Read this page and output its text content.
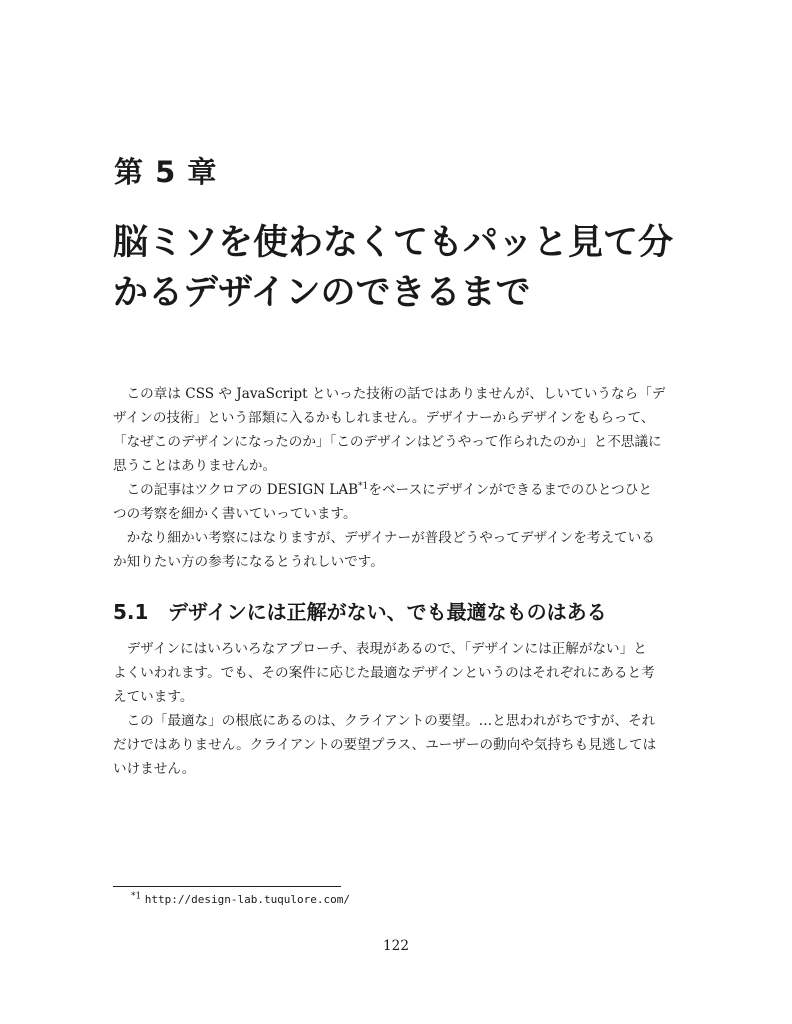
第 5 章
脳ミソを使わなくてもパッと見て分
かるデザインのできるまで

　この章は CSS や JavaScript といった技術の話ではありませんが、しいていうなら「デ
ザインの技術」という部類に入るかもしれません。デザイナーからデザインをもらって、
「なぜこのデザインになったのか」「このデザインはどうやって作られたのか」と不思議に
思うことはありませんか。

　この記事はツクロアの DESIGN LAB$^{*1}$をベースにデザインができるまでのひとつひと
つの考察を細かく書いていっています。

　かなり細かい考察にはなりますが、デザイナーが普段どうやってデザインを考えている
か知りたい方の参考になるとうれしいです。

5.1 デザインには正解がない、でも最適なものはある

　デザインにはいろいろなアプローチ、表現があるので、「デザインには正解がない」と
よくいわれます。でも、その案件に応じた最適なデザインというのはそれぞれにあると考
えています。

　この「最適な」の根底にあるのは、クライアントの要望。…と思われがちですが、それ
だけではありません。クライアントの要望プラス、ユーザーの動向や気持ちも見逃しては
いけません。

$^{*1}$ http://design-lab.tuqulore.com/
122
